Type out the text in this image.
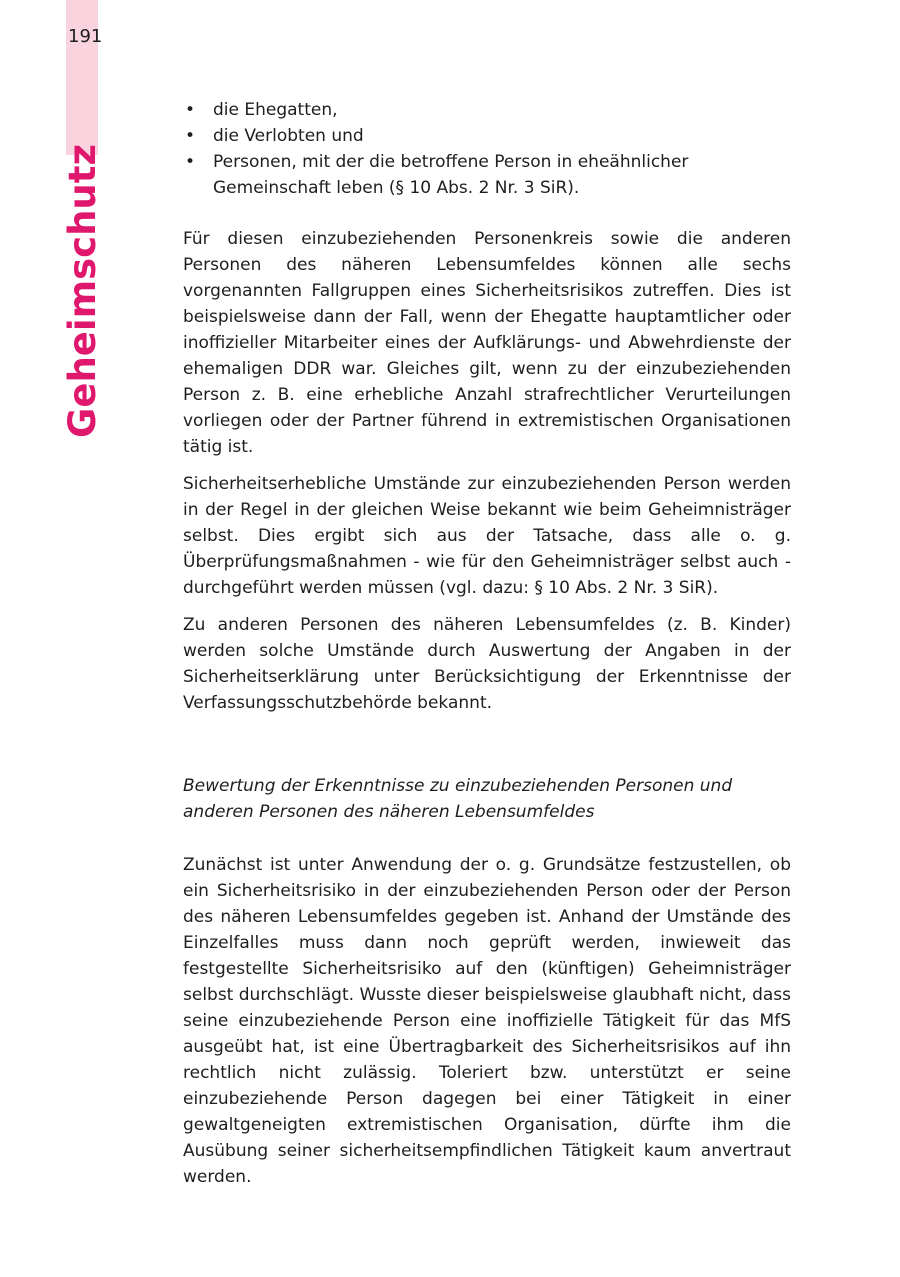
191
Geheimschutz
• die Ehegatten,
• die Verlobten und
• Personen, mit der die betroffene Person in eheähnlicher Gemeinschaft leben (§ 10 Abs. 2 Nr. 3 SiR).

Für diesen einzubeziehenden Personenkreis sowie die anderen Personen des näheren Lebensumfeldes können alle sechs vorgenannten Fallgruppen eines Sicherheitsrisikos zutreffen. Dies ist beispielsweise dann der Fall, wenn der Ehegatte hauptamtlicher oder inoffizieller Mitarbeiter eines der Aufklärungs- und Abwehrdienste der ehemaligen DDR war. Gleiches gilt, wenn zu der einzubeziehenden Person z. B. eine erhebliche Anzahl strafrechtlicher Verurteilungen vorliegen oder der Partner führend in extremistischen Organisationen tätig ist.

Sicherheitserhebliche Umstände zur einzubeziehenden Person werden in der Regel in der gleichen Weise bekannt wie beim Geheimnisträger selbst. Dies ergibt sich aus der Tatsache, dass alle o. g. Überprüfungsmaßnahmen - wie für den Geheimnisträger selbst auch - durchgeführt werden müssen (vgl. dazu: § 10 Abs. 2 Nr. 3 SiR).

Zu anderen Personen des näheren Lebensumfeldes (z. B. Kinder) werden solche Umstände durch Auswertung der Angaben in der Sicherheitserklärung unter Berücksichtigung der Erkenntnisse der Verfassungsschutzbehörde bekannt.

Bewertung der Erkenntnisse zu einzubeziehenden Personen und anderen Personen des näheren Lebensumfeldes

Zunächst ist unter Anwendung der o. g. Grundsätze festzustellen, ob ein Sicherheitsrisiko in der einzubeziehenden Person oder der Person des näheren Lebensumfeldes gegeben ist. Anhand der Umstände des Einzelfalles muss dann noch geprüft werden, inwieweit das festgestellte Sicherheitsrisiko auf den (künftigen) Geheimnisträger selbst durchschlägt. Wusste dieser beispielsweise glaubhaft nicht, dass seine einzubeziehende Person eine inoffizielle Tätigkeit für das MfS ausgeübt hat, ist eine Übertragbarkeit des Sicherheitsrisikos auf ihn rechtlich nicht zulässig. Toleriert bzw. unterstützt er seine einzubeziehende Person dagegen bei einer Tätigkeit in einer gewaltgeneigten extremistischen Organisation, dürfte ihm die Ausübung seiner sicherheitsempfindlichen Tätigkeit kaum anvertraut werden.
